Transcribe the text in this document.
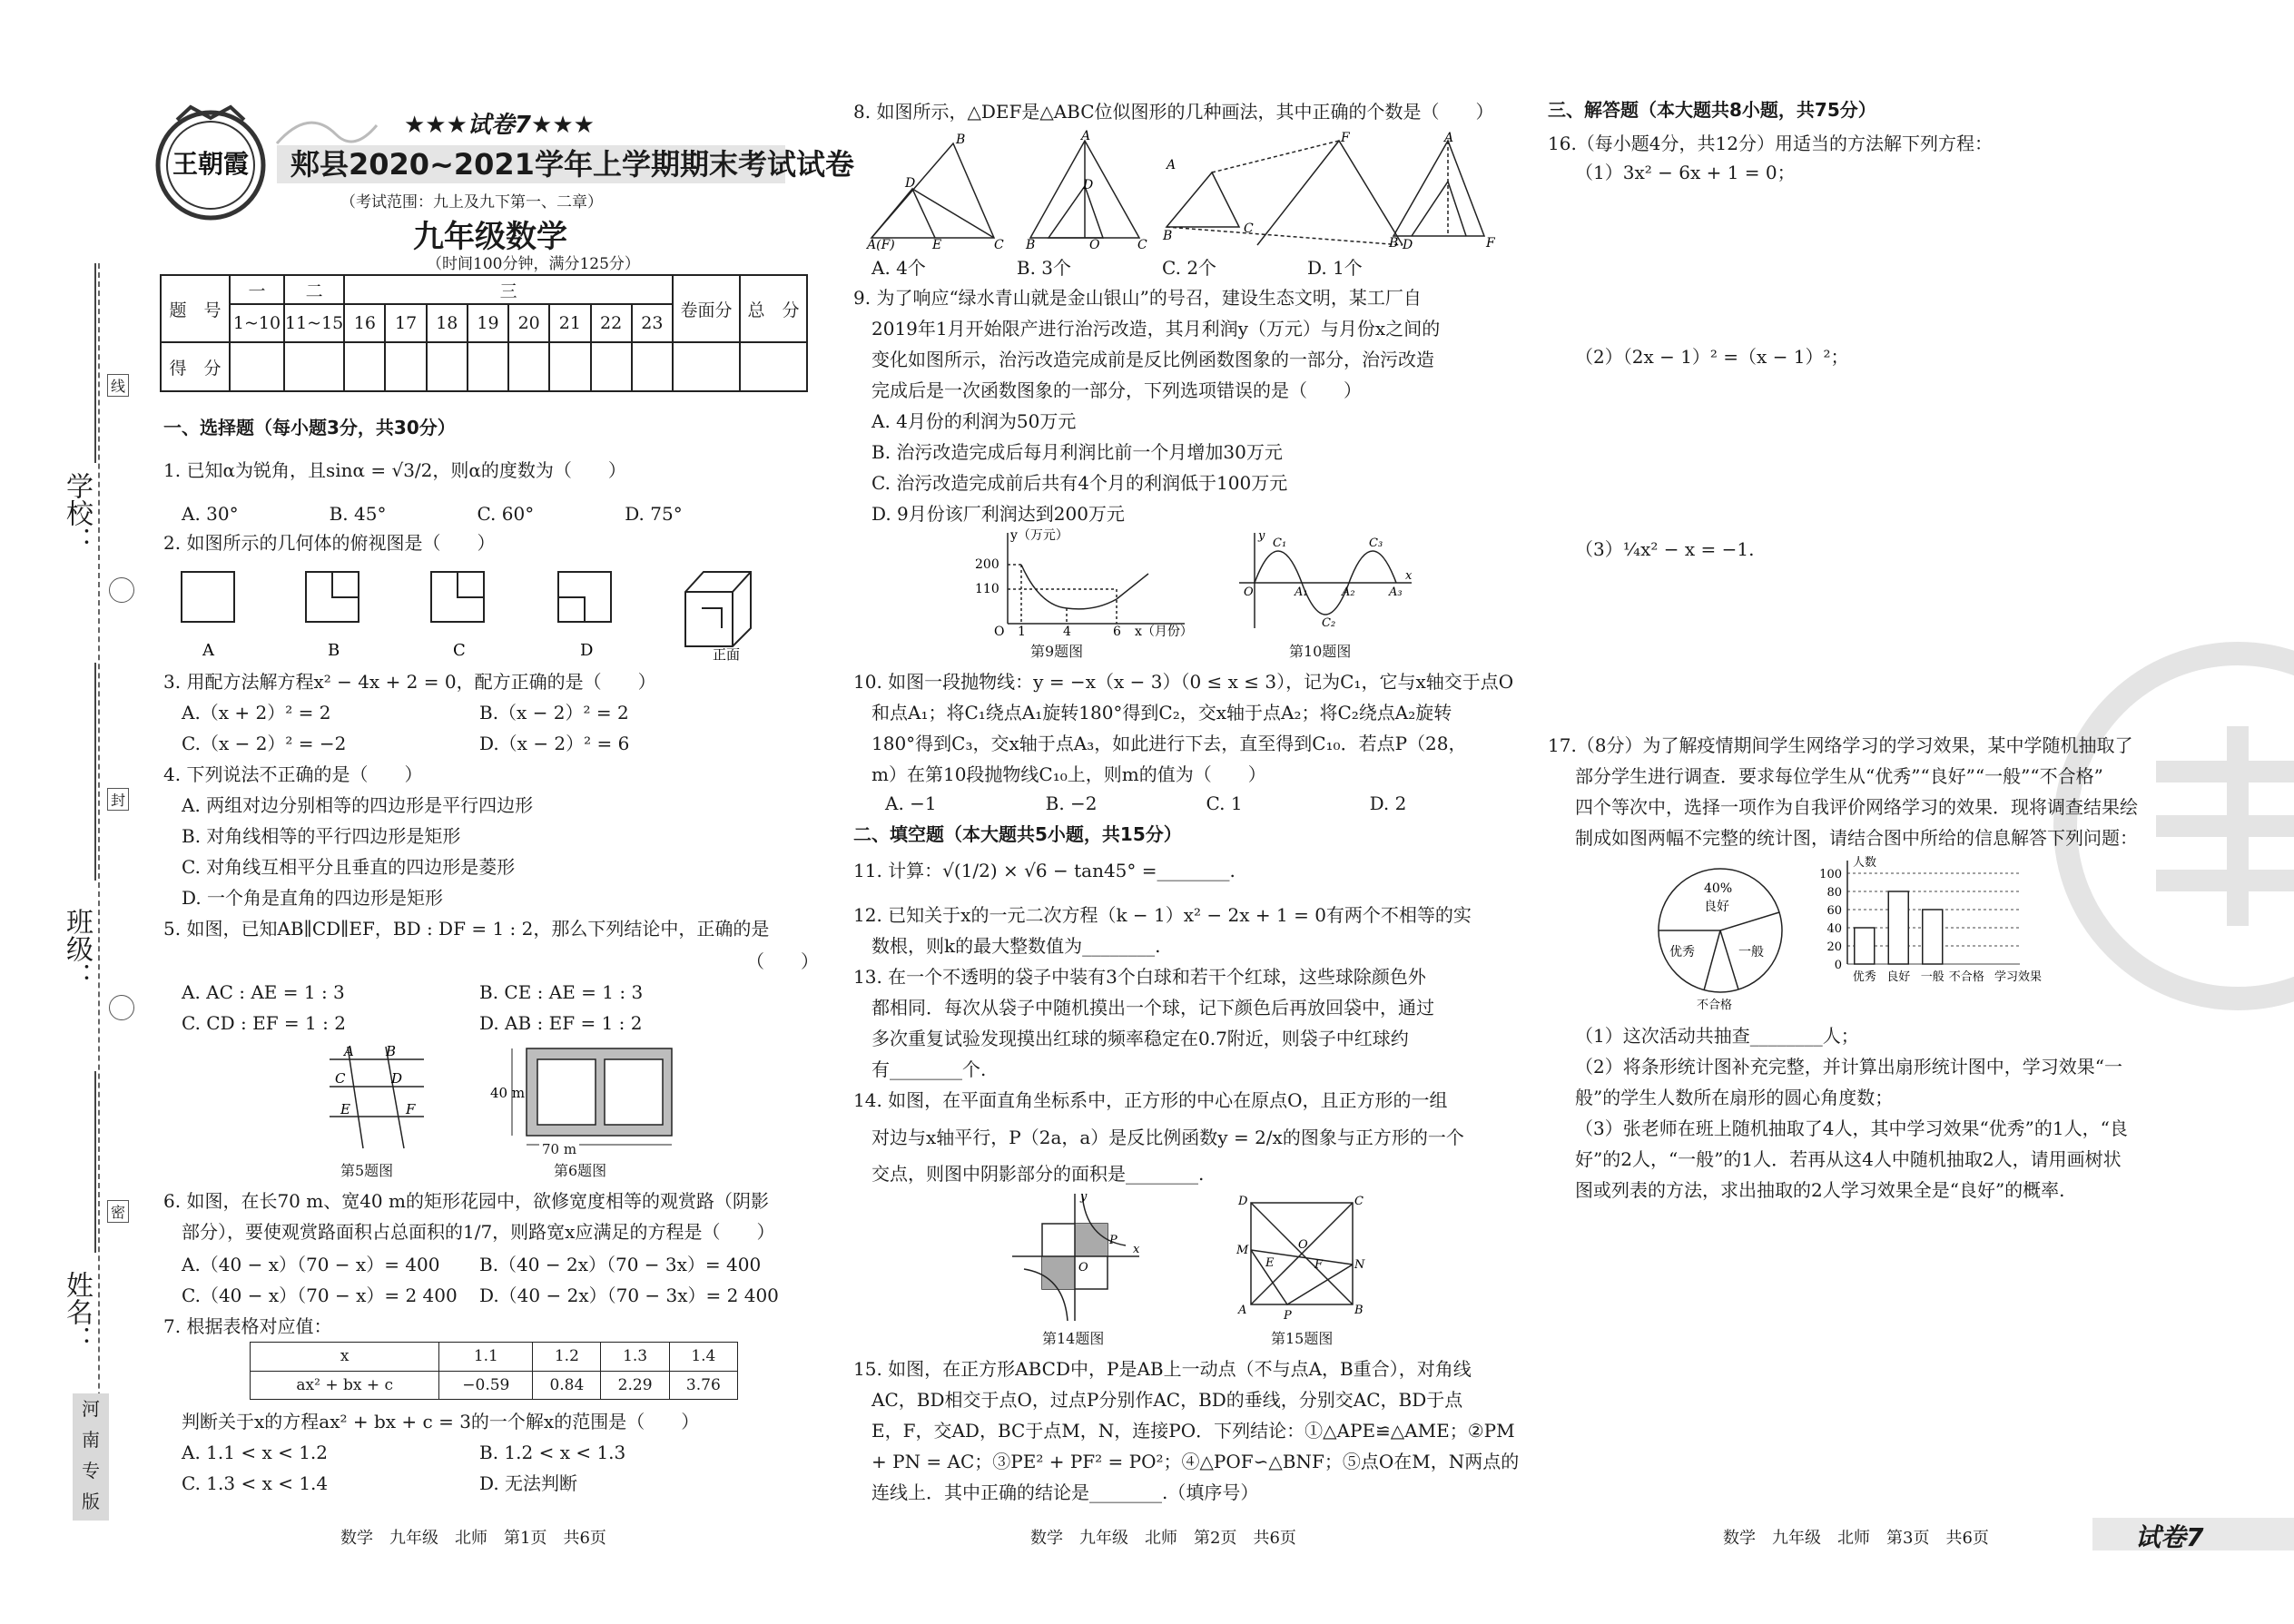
学校：
班级：
姓名：
线
封
密
河
南
专
版
王朝霞
★★★试卷7★★★
郏县2020~2021学年上学期期末考试试卷
（考试范围：九上及九下第一、二章）
九年级数学
（时间100分钟，满分125分）
题　号	一	二	三								卷面分	总　分
	1~10	11~15	16	17	18	19	20	21	22	23		
得　分												
一、选择题（每小题3分，共30分）
1. 已知α为锐角，且sinα = √3/2，则α的度数为（　　）
A. 30°　　　　　B. 45°　　　　　C. 60°　　　　　D. 75°
2. 如图所示的几何体的俯视图是（　　）
A	B	C	D	正面
3. 用配方法解方程x² − 4x + 2 = 0，配方正确的是（　　）
A.（x + 2）² = 2	B.（x − 2）² = 2
C.（x − 2）² = −2	D.（x − 2）² = 6
4. 下列说法不正确的是（　　）
A. 两组对边分别相等的四边形是平行四边形
B. 对角线相等的平行四边形是矩形
C. 对角线互相平分且垂直的四边形是菱形
D. 一个角是直角的四边形是矩形
5. 如图，已知AB∥CD∥EF，BD : DF = 1 : 2，那么下列结论中，正确的是
（　　）
A. AC : AE = 1 : 3	B. CE : AE = 1 : 3
C. CD : EF = 1 : 2	D. AB : EF = 1 : 2
A B
C	D
E	F
40 m
70 m
第5题图	第6题图
6. 如图，在长70 m、宽40 m的矩形花园中，欲修宽度相等的观赏路（阴影
部分），要使观赏路面积占总面积的1/7，则路宽x应满足的方程是（　　）
A.（40 − x）（70 − x）= 400 B.（40 − 2x）（70 − 3x）= 400
C.（40 − x）（70 − x）= 2 400 D.（40 − 2x）（70 − 3x）= 2 400
7. 根据表格对应值：
x	1.1	1.2	1.3	1.4
ax² + bx + c	−0.59	0.84	2.29	3.76
判断关于x的方程ax² + bx + c = 3的一个解x的范围是（　　）
A. 1.1 < x < 1.2	B. 1.2 < x < 1.3
C. 1.3 < x < 1.4	D. 无法判断
数学　九年级　北师　第1页　共6页
8. 如图所示，△DEF是△ABC位似图形的几种画法，其中正确的个数是（　　）
A(F)
B
C
D
E
A
B
D
O	C
A
B	C
F
D
A
B	F
A. 4个　　　　　B. 3个　　　　　C. 2个　　　　　D. 1个
9. 为了响应“绿水青山就是金山银山”的号召，建设生态文明，某工厂自
2019年1月开始限产进行治污改造，其月利润y（万元）与月份x之间的
变化如图所示，治污改造完成前是反比例函数图象的一部分，治污改造
完成后是一次函数图象的一部分，下列选项错误的是（　　）
A. 4月份的利润为50万元
B. 治污改造完成后每月利润比前一个月增加30万元
C. 治污改造完成前后共有4个月的利润低于100万元
D. 9月份该厂利润达到200万元
y（万元）
200
110
O 1	4	6 x（月份）
O
C₁
C₂
C₃
A₁	A₂	A₃
x
y
第9题图	第10题图
10. 如图一段抛物线：y = −x（x − 3）（0 ≤ x ≤ 3），记为C₁，它与x轴交于点O
和点A₁；将C₁绕点A₁旋转180°得到C₂，交x轴于点A₂；将C₂绕点A₂旋转
180°得到C₃，交x轴于点A₃，如此进行下去，直至得到C₁₀．若点P（28，
m）在第10段抛物线C₁₀上，则m的值为（　　）
A. −1　　　　　　B. −2　　　　　　C. 1　　　　　　　D. 2
二、填空题（本大题共5小题，共15分）
11. 计算：√(1/2) × √6 − tan45° =________.
12. 已知关于x的一元二次方程（k − 1）x² − 2x + 1 = 0有两个不相等的实
数根，则k的最大整数值为________.
13. 在一个不透明的袋子中装有3个白球和若干个红球，这些球除颜色外
都相同．每次从袋子中随机摸出一个球，记下颜色后再放回袋中，通过
多次重复试验发现摸出红球的频率稳定在0.7附近，则袋子中红球约
有________个.
14. 如图，在平面直角坐标系中，正方形的中心在原点O，且正方形的一组
对边与x轴平行，P（2a，a）是反比例函数y = 2/x的图象与正方形的一个
交点，则图中阴影部分的面积是________.
P
O
y
x
D	C
A	B
M
N
P
E	F
O
第14题图	第15题图
15. 如图，在正方形ABCD中，P是AB上一动点（不与点A，B重合），对角线
AC，BD相交于点O，过点P分别作AC，BD的垂线，分别交AC，BD于点
E，F，交AD，BC于点M，N，连接PO．下列结论：①△APE≌△AME；②PM
+ PN = AC；③PE² + PF² = PO²；④△POF∽△BNF；⑤点O在M，N两点的
连线上．其中正确的结论是________.（填序号）
数学　九年级　北师　第2页　共6页
三、解答题（本大题共8小题，共75分）
16.（每小题4分，共12分）用适当的方法解下列方程：
（1）3x² − 6x + 1 = 0；
（2）（2x − 1）² =（x − 1）²；
（3）¼x² − x = −1.
17.（8分）为了解疫情期间学生网络学习的学习效果，某中学随机抽取了
部分学生进行调查．要求每位学生从“优秀”“良好”“一般”“不合格”
四个等次中，选择一项作为自我评价网络学习的效果．现将调查结果绘
制成如图两幅不完整的统计图，请结合图中所给的信息解答下列问题：
40%
良好
优秀	一般
不合格
0
20
40
60
80
100
人数
优秀 良好 一般 不合格 学习效果
（1）这次活动共抽查________人；
（2）将条形统计图补充完整，并计算出扇形统计图中，学习效果“一
般”的学生人数所在扇形的圆心角度数；
（3）张老师在班上随机抽取了4人，其中学习效果“优秀”的1人，“良
好”的2人，“一般”的1人．若再从这4人中随机抽取2人，请用画树状
图或列表的方法，求出抽取的2人学习效果全是“良好”的概率.
数学　九年级　北师　第3页　共6页	试卷7
